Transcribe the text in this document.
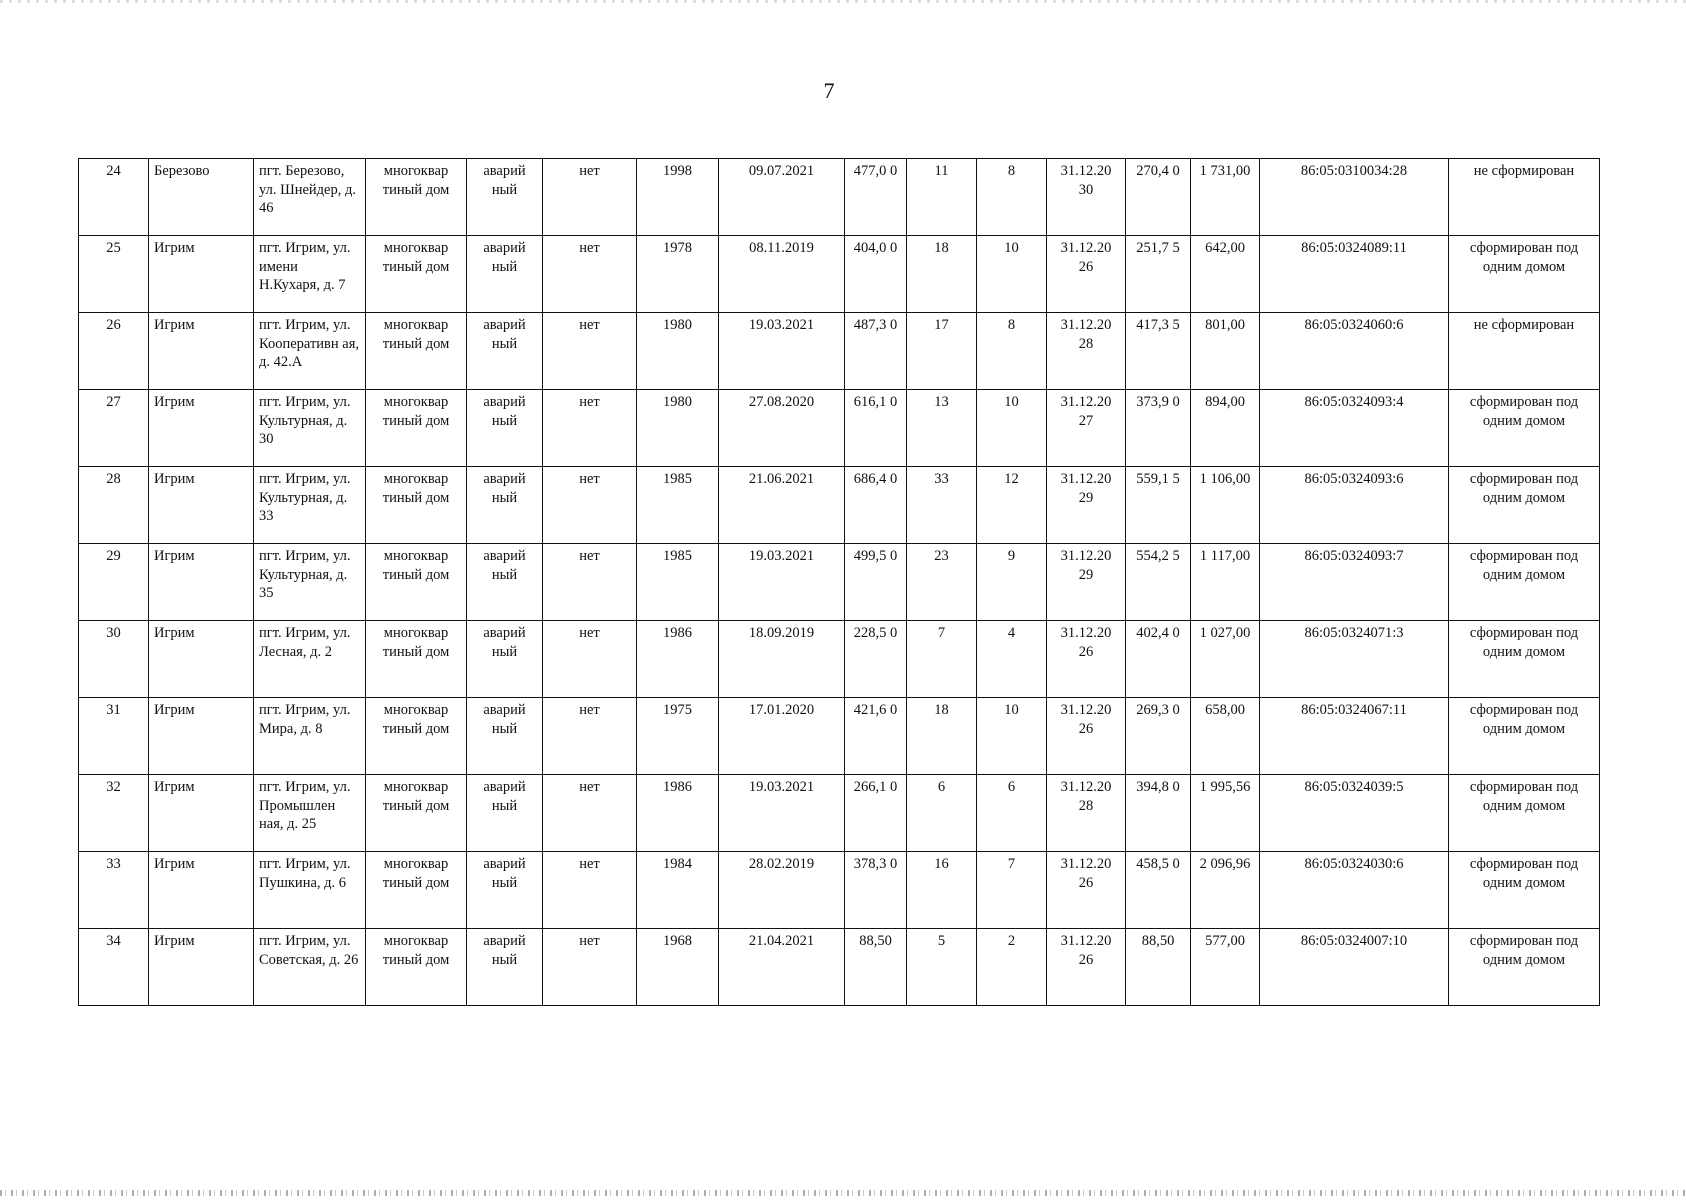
7
24	Березово	пгт. Березово, ул. Шнейдер, д. 46	многоквар тиный дом	аварий ный	нет	1998	09.07.2021	477,0 0	11	8	31.12.20 30	270,4 0	1 731,00	86:05:0310034:28	не сформирован
25	Игрим	пгт. Игрим, ул. имени Н.Кухаря, д. 7	многоквар тиный дом	аварий ный	нет	1978	08.11.2019	404,0 0	18	10	31.12.20 26	251,7 5	642,00	86:05:0324089:11	сформирован под одним домом
26	Игрим	пгт. Игрим, ул. Кооперативн ая, д. 42.А	многоквар тиный дом	аварий ный	нет	1980	19.03.2021	487,3 0	17	8	31.12.20 28	417,3 5	801,00	86:05:0324060:6	не сформирован
27	Игрим	пгт. Игрим, ул. Культурная, д. 30	многоквар тиный дом	аварий ный	нет	1980	27.08.2020	616,1 0	13	10	31.12.20 27	373,9 0	894,00	86:05:0324093:4	сформирован под одним домом
28	Игрим	пгт. Игрим, ул. Культурная, д. 33	многоквар тиный дом	аварий ный	нет	1985	21.06.2021	686,4 0	33	12	31.12.20 29	559,1 5	1 106,00	86:05:0324093:6	сформирован под одним домом
29	Игрим	пгт. Игрим, ул. Культурная, д. 35	многоквар тиный дом	аварий ный	нет	1985	19.03.2021	499,5 0	23	9	31.12.20 29	554,2 5	1 117,00	86:05:0324093:7	сформирован под одним домом
30	Игрим	пгт. Игрим, ул. Лесная, д. 2	многоквар тиный дом	аварий ный	нет	1986	18.09.2019	228,5 0	7	4	31.12.20 26	402,4 0	1 027,00	86:05:0324071:3	сформирован под одним домом
31	Игрим	пгт. Игрим, ул. Мира, д. 8	многоквар тиный дом	аварий ный	нет	1975	17.01.2020	421,6 0	18	10	31.12.20 26	269,3 0	658,00	86:05:0324067:11	сформирован под одним домом
32	Игрим	пгт. Игрим, ул. Промышлен ная, д. 25	многоквар тиный дом	аварий ный	нет	1986	19.03.2021	266,1 0	6	6	31.12.20 28	394,8 0	1 995,56	86:05:0324039:5	сформирован под одним домом
33	Игрим	пгт. Игрим, ул. Пушкина, д. 6	многоквар тиный дом	аварий ный	нет	1984	28.02.2019	378,3 0	16	7	31.12.20 26	458,5 0	2 096,96	86:05:0324030:6	сформирован под одним домом
34	Игрим	пгт. Игрим, ул. Советская, д. 26	многоквар тиный дом	аварий ный	нет	1968	21.04.2021	88,50	5	2	31.12.20 26	88,50	577,00	86:05:0324007:10	сформирован под одним домом
